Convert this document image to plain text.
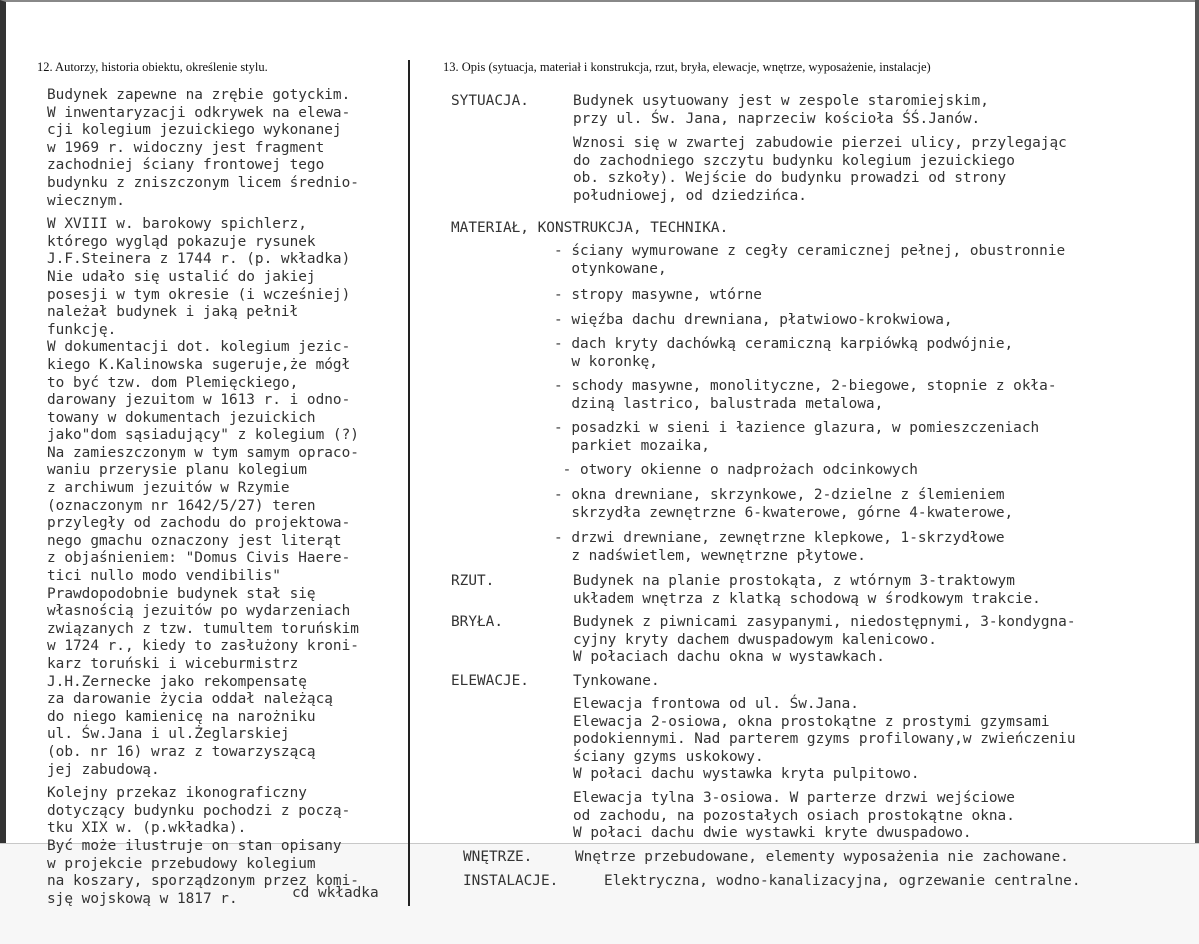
12. Autorzy, historia obiektu, określenie stylu.	13. Opis (sytuacja, materiał i konstrukcja, rzut, bryła, elewacje, wnętrze, wyposażenie, instalacje)
Budynek zapewne na zrębie gotyckim.
W inwentaryzacji odkrywek na elewa-
cji kolegium jezuickiego wykonanej
w 1969 r. widoczny jest fragment
zachodniej ściany frontowej tego
budynku z zniszczonym licem średnio-
wiecznym.
W XVIII w. barokowy spichlerz,
którego wygląd pokazuje rysunek
J.F.Steinera z 1744 r. (p. wkładka)
Nie udało się ustalić do jakiej
posesji w tym okresie (i wcześniej)
należał budynek i jaką pełnił
funkcję.
W dokumentacji dot. kolegium jezic-
kiego K.Kalinowska sugeruje,że mógł
to być tzw. dom Plemięckiego,
darowany jezuitom w 1613 r. i odno-
towany w dokumentach jezuickich
jako"dom sąsiadujący" z kolegium (?)
Na zamieszczonym w tym samym opraco-
waniu przerysie planu kolegium
z archiwum jezuitów w Rzymie
(oznaczonym nr 1642/5/27) teren
przyległy od zachodu do projektowa-
nego gmachu oznaczony jest literąt
z objaśnieniem: "Domus Civis Haere-
tici nullo modo vendibilis"
Prawdopodobnie budynek stał się
własnością jezuitów po wydarzeniach
związanych z tzw. tumultem toruńskim
w 1724 r., kiedy to zasłużony kroni-
karz toruński i wiceburmistrz
J.H.Zernecke jako rekompensatę
za darowanie życia oddał należącą
do niego kamienicę na narożniku
ul. Św.Jana i ul.Żeglarskiej
(ob. nr 16) wraz z towarzyszącą
jej zabudową.
Kolejny przekaz ikonograficzny
dotyczący budynku pochodzi z począ-
tku XIX w. (p.wkładka).
Być może ilustruje on stan opisany
w projekcie przebudowy kolegium
na koszary, sporządzonym przez komi-
sję wojskową w 1817 r.	cd wkładka
SYTUACJA.	Budynek usytuowany jest w zespole staromiejskim,
przy ul. Św. Jana, naprzeciw kościoła ŚŚ.Janów.
Wznosi się w zwartej zabudowie pierzei ulicy, przylegając
do zachodniego szczytu budynku kolegium jezuickiego
ob. szkoły). Wejście do budynku prowadzi od strony
południowej, od dziedzińca.
MATERIAŁ, KONSTRUKCJA, TECHNIKA.
- ściany wymurowane z cegły ceramicznej pełnej, obustronnie
otynkowane,
- stropy masywne, wtórne
- więźba dachu drewniana, płatwiowo-krokwiowa,
- dach kryty dachówką ceramiczną karpiówką podwójnie,
w koronkę,
- schody masywne, monolityczne, 2-biegowe, stopnie z okła-
dziną lastrico, balustrada metalowa,
- posadzki w sieni i łazience glazura, w pomieszczeniach
parkiet mozaika,
- otwory okienne o nadprożach odcinkowych
- okna drewniane, skrzynkowe, 2-dzielne z ślemieniem
skrzydła zewnętrzne 6-kwaterowe, górne 4-kwaterowe,
- drzwi drewniane, zewnętrzne klepkowe, 1-skrzydłowe
z nadświetlem, wewnętrzne płytowe.
RZUT.	Budynek na planie prostokąta, z wtórnym 3-traktowym
układem wnętrza z klatką schodową w środkowym trakcie.
BRYŁA.	Budynek z piwnicami zasypanymi, niedostępnymi, 3-kondygna-
cyjny kryty dachem dwuspadowym kalenicowo.
W połaciach dachu okna w wystawkach.
ELEWACJE.	Tynkowane.
Elewacja frontowa od ul. Św.Jana.
Elewacja 2-osiowa, okna prostokątne z prostymi gzymsami
podokiennymi. Nad parterem gzyms profilowany,w zwieńczeniu
ściany gzyms uskokowy.
W połaci dachu wystawka kryta pulpitowo.
Elewacja tylna 3-osiowa. W parterze drzwi wejściowe
od zachodu, na pozostałych osiach prostokątne okna.
W połaci dachu dwie wystawki kryte dwuspadowo.
WNĘTRZE.	Wnętrze przebudowane, elementy wyposażenia nie zachowane.
INSTALACJE.	Elektryczna, wodno-kanalizacyjna, ogrzewanie centralne.
